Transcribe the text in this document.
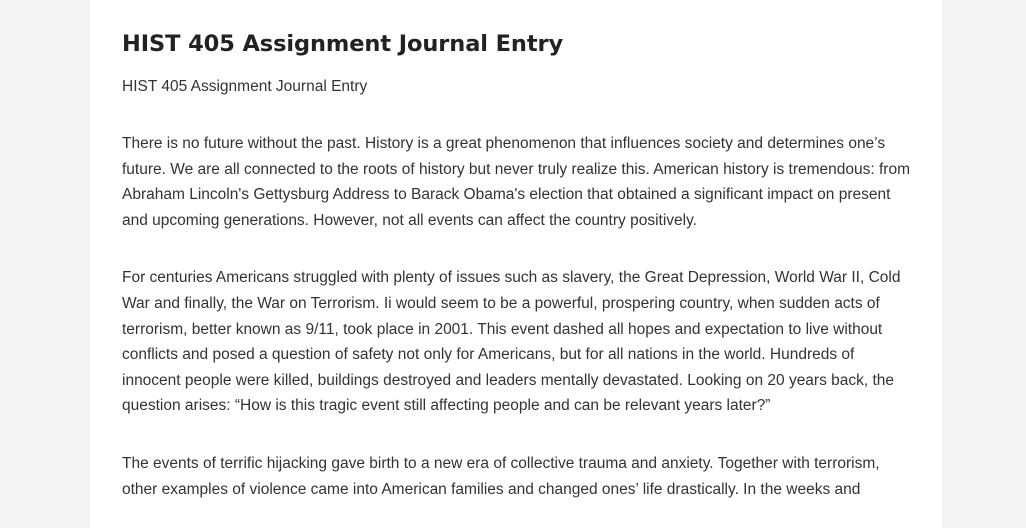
HIST 405 Assignment Journal Entry

HIST 405 Assignment Journal Entry

There is no future without the past. History is a great phenomenon that influences society and determines one’s future. We are all connected to the roots of history but never truly realize this. American history is tremendous: from Abraham Lincoln's Gettysburg Address to Barack Obama's election that obtained a significant impact on present and upcoming generations. However, not all events can affect the country positively.

For centuries Americans struggled with plenty of issues such as slavery, the Great Depression, World War II, Cold War and finally, the War on Terrorism. Ii would seem to be a powerful, prospering country, when sudden acts of terrorism, better known as 9/11, took place in 2001. This event dashed all hopes and expectation to live without conflicts and posed a question of safety not only for Americans, but for all nations in the world. Hundreds of innocent people were killed, buildings destroyed and leaders mentally devastated. Looking on 20 years back, the question arises: “How is this tragic event still affecting people and can be relevant years later?”

The events of terrific hijacking gave birth to a new era of collective trauma and anxiety. Together with terrorism, other examples of violence came into American families and changed ones’ life drastically. In the weeks and
